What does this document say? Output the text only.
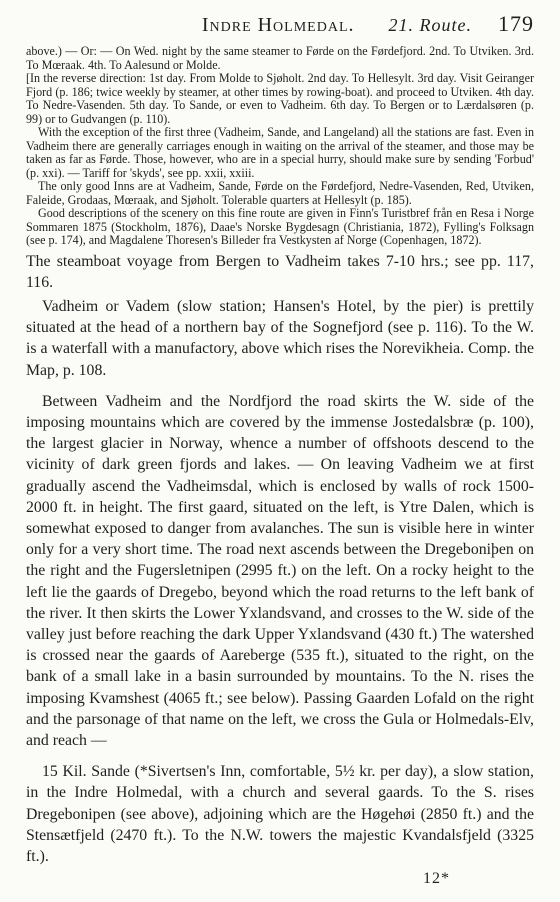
Indre Holmedal. 21. Route. 179

above.) — Or: — On Wed. night by the same steamer to Førde on the Førdefjord. 2nd. To Utviken. 3rd. To Mœraak. 4th. To Aalesund or Molde.

[In the reverse direction: 1st day. From Molde to Sjøholt. 2nd day. To Hellesylt. 3rd day. Visit Geiranger Fjord (p. 186; twice weekly by steamer, at other times by rowing-boat). and proceed to Utviken. 4th day. To Nedre-Vasenden. 5th day. To Sande, or even to Vadheim. 6th day. To Bergen or to Lærdalsøren (p. 99) or to Gudvangen (p. 110).

With the exception of the first three (Vadheim, Sande, and Langeland) all the stations are fast. Even in Vadheim there are generally carriages enough in waiting on the arrival of the steamer, and those may be taken as far as Førde. Those, however, who are in a special hurry, should make sure by sending 'Forbud' (p. xxi). — Tariff for 'skyds', see pp. xxii, xxiii.

The only good Inns are at Vadheim, Sande, Førde on the Førdefjord, Nedre-Vasenden, Red, Utviken, Faleide, Grodaas, Mœraak, and Sjøholt. Tolerable quarters at Hellesylt (p. 185).

Good descriptions of the scenery on this fine route are given in Finn's Turistbref från en Resa i Norge Sommaren 1875 (Stockholm, 1876), Daae's Norske Bygdesagn (Christiania, 1872), Fylling's Folksagn (see p. 174), and Magdalene Thoresen's Billeder fra Vestkysten af Norge (Copenhagen, 1872).

The steamboat voyage from Bergen to Vadheim takes 7-10 hrs.; see pp. 117, 116.

Vadheim or Vadem (slow station; Hansen's Hotel, by the pier) is prettily situated at the head of a northern bay of the Sognefjord (see p. 116). To the W. is a waterfall with a manufactory, above which rises the Norevikheia. Comp. the Map, p. 108.

Between Vadheim and the Nordfjord the road skirts the W. side of the imposing mountains which are covered by the immense Jostedalsbræ (p. 100), the largest glacier in Norway, whence a number of offshoots descend to the vicinity of dark green fjords and lakes. — On leaving Vadheim we at first gradually ascend the Vadheimsdal, which is enclosed by walls of rock 1500-2000 ft. in height. The first gaard, situated on the left, is Ytre Dalen, which is somewhat exposed to danger from avalanches. The sun is visible here in winter only for a very short time. The road next ascends between the Dregeboniþen on the right and the Fugersletnipen (2995 ft.) on the left. On a rocky height to the left lie the gaards of Dregebo, beyond which the road returns to the left bank of the river. It then skirts the Lower Yxlandsvand, and crosses to the W. side of the valley just before reaching the dark Upper Yxlandsvand (430 ft.) The watershed is crossed near the gaards of Aareberge (535 ft.), situated to the right, on the bank of a small lake in a basin surrounded by mountains. To the N. rises the imposing Kvamshest (4065 ft.; see below). Passing Gaarden Lofald on the right and the parsonage of that name on the left, we cross the Gula or Holmedals-Elv, and reach —

15 Kil. Sande (*Sivertsen's Inn, comfortable, 5½ kr. per day), a slow station, in the Indre Holmedal, with a church and several gaards. To the S. rises Dregebonipen (see above), adjoining which are the Høgehøi (2850 ft.) and the Stensætfjeld (2470 ft.). To the N.W. towers the majestic Kvandalsfjeld (3325 ft.).

12*
